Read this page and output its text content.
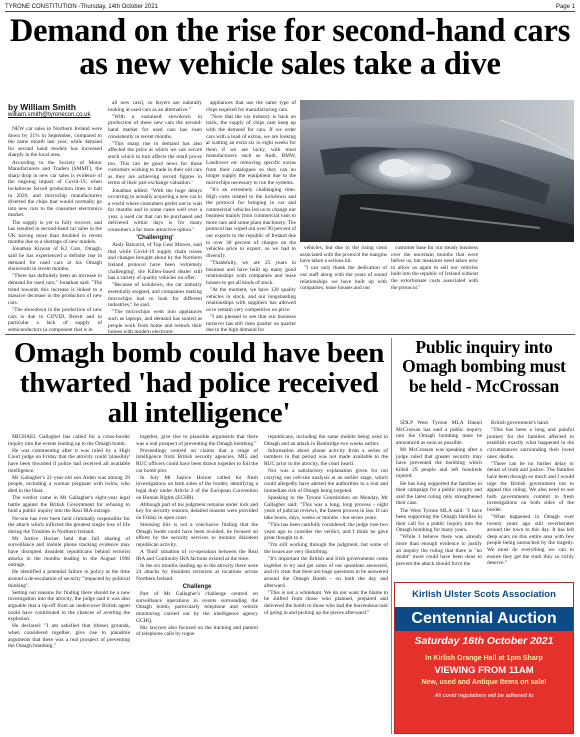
TYRONE CONSTITUTION -Thursday, 14th October 2021	Page 1
Demand on the rise for second-hand cars as new vehicle sales take a dive
by William Smith
william.smith@tyronecon.co.uk

NEW car sales in Northern Ireland were down by 31% in September, compared to the same month last year, while demand for second hand models has increased sharply in the local area.

According to the Society of Motor Manufacturers and Traders (SMMT), the sharp drop in new car sales is evidence of the ongoing impact of Covid-19, when lockdowns forced production lines to halt in 2020, and microchip manufacturers diverted the chips that would normally go into new cars to the consumer electronics market.

The supply is yet to fully recover, and has resulted in second-hand car sales in the UK having more than doubled in recent months due to a shortage of new models.

Jonathan Kirwan of K2 Cars, Omagh, said he has experienced a definite rise in demand for used cars at his Omagh showroom in recent months.

"There has definitely been an increase in demand for used cars," Jonathan said. "The trend towards this increase is linked to a massive decrease in the production of new cars.

"The slowdown in the production of new cars is due to COVID, Brexit and in particular a lack of supply of semiconductors (a component that is in

all new cars), so buyers are naturally looking at used cars as an alternative."

"With a sustained slowdown in production of these new cars the second-hand market for used cars has risen consistently in recent months.

"This sharp rise in demand has also affected the price at which we can secure stock which in turn affects the retail prices too. This can be good news for those customers wishing to trade in their old cars as they are achieving record figures in terms of their part exchange valuation."

Jonathan added: "With the huge delays occurring in actually acquiring a new car in a world where consumers prefer not to wait for months and in some cases well over a year, a used car that can be purchased and delivered within days is for many consumers a far more attractive option."

'Challenging'

Andy Balcarrd, of Top Gear Motors, said that while Covid-19 supply chain issues and changes brought about by the Northern Ireland protocol have been 'extremely challenging', the Killen-based dealer still has a variety of quality vehicles on offer.

"Because of lockdown, the car industry essentially stopped, and companies making microchips had to look for different industries," he said.

"The microchips went into appliances such as laptops, and demand has soared as people work from home and restock their homes with modern electronic

appliances that use the same type of chips required for manufacturing cars.

"Now that the car industry is back on track, the supply of chips cant keep up with the demand for cars. If we order cars with a load of extras, we are looking at waiting an extra six to eight weeks for them if we are lucky, with most manufacturers such as Audi, BMW, Landrover etc removing specific extras from their catalogues so they can no longer supply the equipment due to the microchips necessary to run the systems.

"It's an extremely challenging time. High costs related to the lockdown and the protocol for bringing in car and commercial vehicles led us to change our business mainly from commercial vans to more cars and some plant machinery. The protocol has wiped out over 90 percent of our exports to the republic of Ireland due to over 30 percent of charges on the vehicles price to export, so we had to diversify.

"Thankfully, we are 25 years in business and have built up many good relationships with companies and lease houses to get all kinds of stock.

"At the moment, we have 128 quality vehicles in stock, and our longstanding relationships with suppliers has allowed us to remain very competitive on price.

"I am pleased to see that our business turnover has still risen quarter on quarter due to the high demand for

vehicles, but due to the rising costs associated with the protocol the margins have taken a serious hit.

"I can only thank the dedication of our staff along with the years of sound relationships we have built up with companies, lease houses and our

customer base for our steady business over the uncertain months that were before us, but measures need taken now to allow us again to sell our vehicles built into the republic of Ireland without the extortionate costs associated with the protocol."

Omagh bomb could have been thwarted 'had police received all intelligence'

MICHAEL Gallagher has called for a cross-border inquiry into the events leading up to the Omagh bomb.

He was commenting after it was ruled by a High Court judge on Friday that the atrocity could 'plausibly' have been thwarted if police had received all available intelligence.

Mr Gallagher's 21-year-old son Aiden was among 29 people, including a woman pregnant with twins, who died in the blast.

The verdict came in Mr Gallagher's eight-year legal battle against the British Government for refusing to hold a public inquiry into the Real IRA outrage.

No-one has ever been held criminally responsible for the attack which inflicted the greatest single loss of life during the Troubles in Northern Ireland.

Mr Justice Horner held that full sharing of surveillance and mobile phone tracking evidence may have disrupted dissident republicans behind terrorist attacks in the months leading to the August 1998 outrage.

He identified a potential failure in policy at the time around a de-escalation of security "impacted by political thinking".

Setting out reasons for finding there should be a new investigation into the atrocity, the judge said it was also arguable that a tip-off from an undercover British agent could have contributed to the chances of averting the explosion.

He declared: "I am satisfied that (these) grounds, when considered together, give rise to plausible arguments that there was a real prospect of preventing the Omagh bombing."

together, give rise to plausible arguments that there was a real prospect of preventing the Omagh bombing."

Proceedings centred on claims that a range of intelligence from British security agencies, MI5 and RUC officers could have been drawn together to foil the car bomb plot.

In July Mr Justice Horner called for fresh investigations on both sides of the border, identifying a legal duty under Article 2 of the European Convention on Human Rights (ECHR).

Although part of his judgment remains under lock and key for security reasons, detailed reasons were provided on Friday in open court.

Stressing this is not a conclusive finding that the Omagh bomb could have been avoided, he focused on efforts by the security services to monitor dissident republican activity.

A 'fluid' situation of co-operation between the Real IRA and Continuity IRA factions existed at the time.

In the six months leading up to the atrocity there were 24 attacks by dissident terrorists at locations across Northern Ireland.

Challenge

Part of Mr Gallagher's challenge centred on surveillance operations in events surrounding the Omagh bomb, particularly telephone and vehicle monitoring carried out by the intelligence agency GCHQ.

His lawyers also focused on the tracking and pattern of telephone calls by rogue

republicans, including the same mobile being used in Omagh and an attack in Banbridge two weeks earlier.

Information about phone activity from a series of numbers in that period was not made available to the RUC prior to the atrocity, the court heard.

Nor was a satisfactory explanation given for not carrying out cell-site analysis at an earlier stage, which could allegedly have alerted the authorities to a real and immediate risk of Omagh being targeted.

Speaking to the Tyrone Constitution on Monday, Mr Gallagher said: "This was a long, long process - eight years of judicial reviews, the fastest process in law. It can take hours, days, weeks or months - but seven years.

"This has been carefully considered; the judge rose two years ago to consider the verdict, and I think he gave great thought to it.

"I'm still working through the judgment, but some of the issues are very disturbing.

"It's important the British and Irish governments come together to try and get some of our questions answered, and it's clear that there are huge questions to be answered around the Omagh Bomb - on both the day and afterward.

"This is not a whitehunt. We do not want the blame to be shifted from those who planned, prepared and delivered the bomb to those who had the horrendous task of going in and picking up the pieces afterward."

Public inquiry into Omagh bombing must be held - McCrossan

SDLP West Tyrone MLA Daniel McCrossan has said a public inquiry into the Omagh bombing must be announced as soon as possible.

Mr McCrossan was speaking after a judge ruled that greater security may have prevented the bombing which killed 29 people and left hundreds injured.

He has long supported the families in their campaign for a public inquiry and said the latest ruling only strengthened their case.

The West Tyrone MLA said: "I have been supporting the Omagh families in their call for a public inquiry into the Omagh bombing for many years.

"While I believe there was already more than enough evidence to justify an inquiry the ruling that there is "no doubt" more could have been done to prevent the attack should force the

British government's hand.

"This has been a long and painful journey for the families affected to establish exactly what happened in the circumstances surrounding their loved ones' deaths.

"There can be no further delay or denial of truth and justice. The families have been through so much and I would urge the British government not to appeal this ruling. We also need to see both governments commit to fresh investigations on both sides of the border.

"What happened in Omagh over twenty years ago still reverberates around the town to this day. It has left deep scars on this entire area with few people being untouched by the tragedy. We must do everything we can to ensure they get the truth they so richly deserve."

Kirlish Ulster Scots Association
Centennial Auction
Saturday 16th October 2021
In Kirlish Orange Hall at 1pm Sharp
VIEWING FROM 11AM
New, used and Antique Items on sale!
All covid regulations will be adhered to
